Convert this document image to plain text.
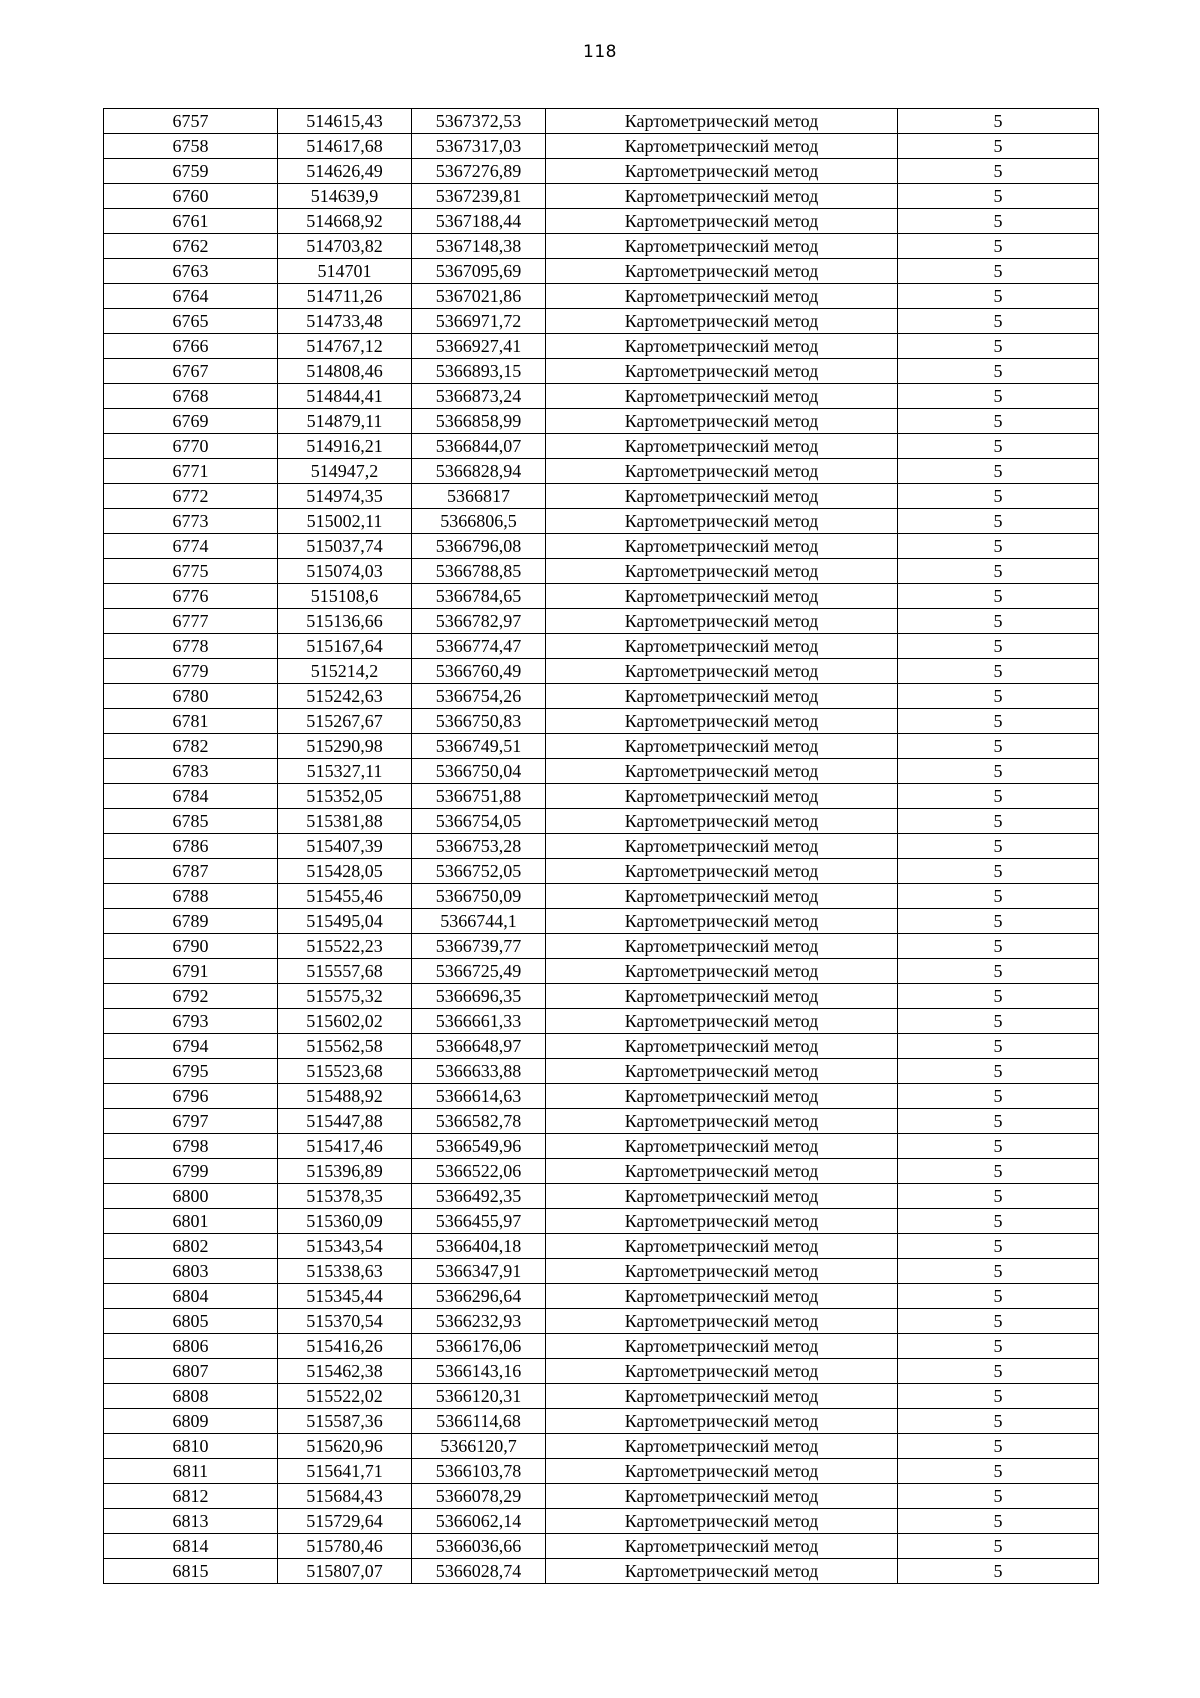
118
6757	514615,43	5367372,53	Картометрический метод	5
6758	514617,68	5367317,03	Картометрический метод	5
6759	514626,49	5367276,89	Картометрический метод	5
6760	514639,9	5367239,81	Картометрический метод	5
6761	514668,92	5367188,44	Картометрический метод	5
6762	514703,82	5367148,38	Картометрический метод	5
6763	514701	5367095,69	Картометрический метод	5
6764	514711,26	5367021,86	Картометрический метод	5
6765	514733,48	5366971,72	Картометрический метод	5
6766	514767,12	5366927,41	Картометрический метод	5
6767	514808,46	5366893,15	Картометрический метод	5
6768	514844,41	5366873,24	Картометрический метод	5
6769	514879,11	5366858,99	Картометрический метод	5
6770	514916,21	5366844,07	Картометрический метод	5
6771	514947,2	5366828,94	Картометрический метод	5
6772	514974,35	5366817	Картометрический метод	5
6773	515002,11	5366806,5	Картометрический метод	5
6774	515037,74	5366796,08	Картометрический метод	5
6775	515074,03	5366788,85	Картометрический метод	5
6776	515108,6	5366784,65	Картометрический метод	5
6777	515136,66	5366782,97	Картометрический метод	5
6778	515167,64	5366774,47	Картометрический метод	5
6779	515214,2	5366760,49	Картометрический метод	5
6780	515242,63	5366754,26	Картометрический метод	5
6781	515267,67	5366750,83	Картометрический метод	5
6782	515290,98	5366749,51	Картометрический метод	5
6783	515327,11	5366750,04	Картометрический метод	5
6784	515352,05	5366751,88	Картометрический метод	5
6785	515381,88	5366754,05	Картометрический метод	5
6786	515407,39	5366753,28	Картометрический метод	5
6787	515428,05	5366752,05	Картометрический метод	5
6788	515455,46	5366750,09	Картометрический метод	5
6789	515495,04	5366744,1	Картометрический метод	5
6790	515522,23	5366739,77	Картометрический метод	5
6791	515557,68	5366725,49	Картометрический метод	5
6792	515575,32	5366696,35	Картометрический метод	5
6793	515602,02	5366661,33	Картометрический метод	5
6794	515562,58	5366648,97	Картометрический метод	5
6795	515523,68	5366633,88	Картометрический метод	5
6796	515488,92	5366614,63	Картометрический метод	5
6797	515447,88	5366582,78	Картометрический метод	5
6798	515417,46	5366549,96	Картометрический метод	5
6799	515396,89	5366522,06	Картометрический метод	5
6800	515378,35	5366492,35	Картометрический метод	5
6801	515360,09	5366455,97	Картометрический метод	5
6802	515343,54	5366404,18	Картометрический метод	5
6803	515338,63	5366347,91	Картометрический метод	5
6804	515345,44	5366296,64	Картометрический метод	5
6805	515370,54	5366232,93	Картометрический метод	5
6806	515416,26	5366176,06	Картометрический метод	5
6807	515462,38	5366143,16	Картометрический метод	5
6808	515522,02	5366120,31	Картометрический метод	5
6809	515587,36	5366114,68	Картометрический метод	5
6810	515620,96	5366120,7	Картометрический метод	5
6811	515641,71	5366103,78	Картометрический метод	5
6812	515684,43	5366078,29	Картометрический метод	5
6813	515729,64	5366062,14	Картометрический метод	5
6814	515780,46	5366036,66	Картометрический метод	5
6815	515807,07	5366028,74	Картометрический метод	5
